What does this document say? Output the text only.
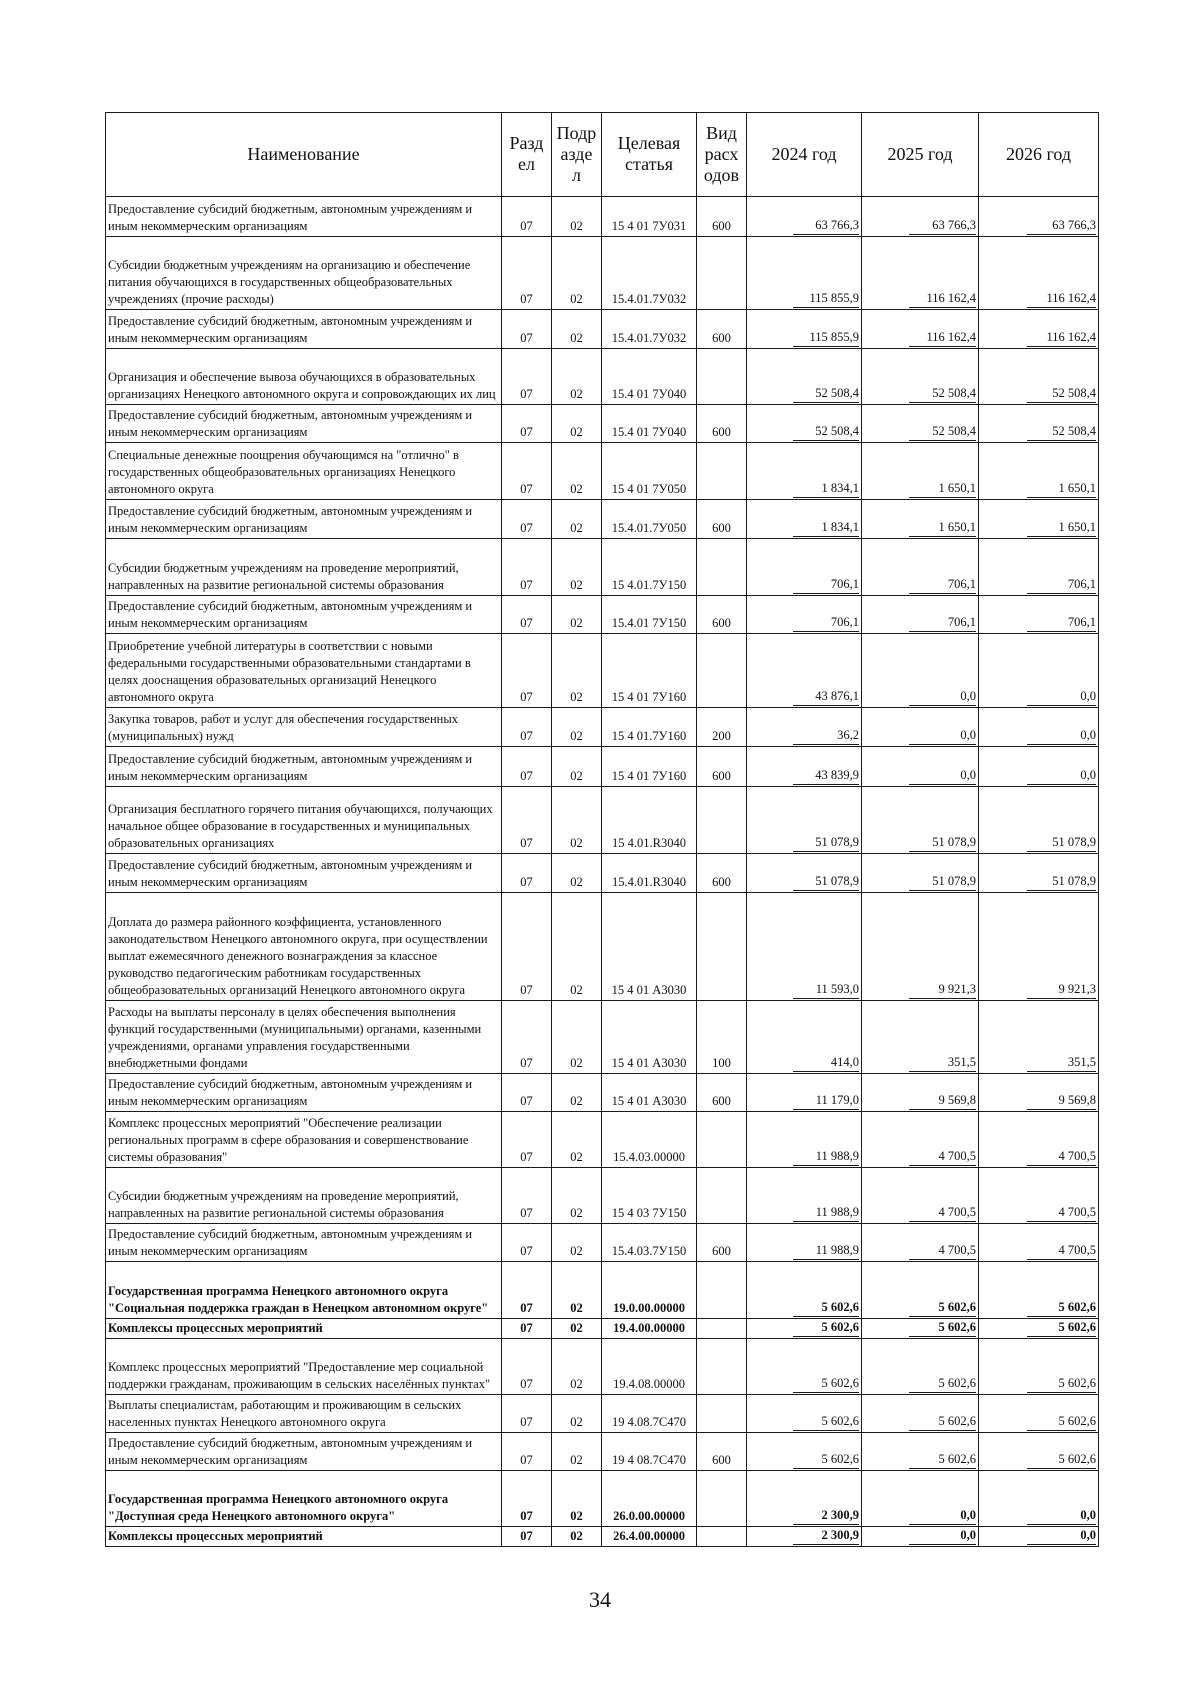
Наименование	Разд ел	Подр азде л	Целевая статья	Вид расх одов	2024 год	2025 год	2026 год
Предоставление субсидий бюджетным, автономным учреждениям и иным некоммерческим организациям	07	02	15 4 01 7У031	600	63 766,3	63 766,3	63 766,3
Субсидии бюджетным учреждениям на организацию и обеспечение питания обучающихся в государственных общеобразовательных учреждениях (прочие расходы)	07	02	15.4.01.7У032		115 855,9	116 162,4	116 162,4
Предоставление субсидий бюджетным, автономным учреждениям и иным некоммерческим организациям	07	02	15.4.01.7У032	600	115 855,9	116 162,4	116 162,4
Организация и обеспечение вывоза обучающихся в образовательных организациях Ненецкого автономного округа и сопровождающих их лиц	07	02	15.4 01 7У040		52 508,4	52 508,4	52 508,4
Предоставление субсидий бюджетным, автономным учреждениям и иным некоммерческим организациям	07	02	15.4 01 7У040	600	52 508,4	52 508,4	52 508,4
Специальные денежные поощрения обучающимся на "отлично" в государственных общеобразовательных организациях Ненецкого автономного округа	07	02	15 4 01 7У050		1 834,1	1 650,1	1 650,1
Предоставление субсидий бюджетным, автономным учреждениям и иным некоммерческим организациям	07	02	15.4.01.7У050	600	1 834,1	1 650,1	1 650,1
Субсидии бюджетным учреждениям на проведение мероприятий, направленных на развитие региональной системы образования	07	02	15 4.01.7У150		706,1	706,1	706,1
Предоставление субсидий бюджетным, автономным учреждениям и иным некоммерческим организациям	07	02	15.4.01 7У150	600	706,1	706,1	706,1
Приобретение учебной литературы в соответствии с новыми федеральными государственными образовательными стандартами в целях дооснащения образовательных организаций Ненецкого автономного округа	07	02	15 4 01 7У160		43 876,1	0,0	0,0
Закупка товаров, работ и услуг для обеспечения государственных (муниципальных) нужд	07	02	15 4 01.7У160	200	36,2	0,0	0,0
Предоставление субсидий бюджетным, автономным учреждениям и иным некоммерческим организациям	07	02	15 4 01 7У160	600	43 839,9	0,0	0,0
Организация бесплатного горячего питания обучающихся, получающих начальное общее образование в государственных и муниципальных образовательных организациях	07	02	15 4.01.R3040		51 078,9	51 078,9	51 078,9
Предоставление субсидий бюджетным, автономным учреждениям и иным некоммерческим организациям	07	02	15.4.01.R3040	600	51 078,9	51 078,9	51 078,9
Доплата до размера районного коэффициента, установленного законодательством Ненецкого автономного округа, при осуществлении выплат ежемесячного денежного вознаграждения за классное руководство педагогическим работникам государственных общеобразовательных организаций Ненецкого автономного округа	07	02	15 4 01 А3030		11 593,0	9 921,3	9 921,3
Расходы на выплаты персоналу в целях обеспечения выполнения функций государственными (муниципальными) органами, казенными учреждениями, органами управления государственными внебюджетными фондами	07	02	15 4 01 А3030	100	414,0	351,5	351,5
Предоставление субсидий бюджетным, автономным учреждениям и иным некоммерческим организациям	07	02	15 4 01 А3030	600	11 179,0	9 569,8	9 569,8
Комплекс процессных мероприятий "Обеспечение реализации региональных программ в сфере образования и совершенствование системы образования"	07	02	15.4.03.00000		11 988,9	4 700,5	4 700,5
Субсидии бюджетным учреждениям на проведение мероприятий, направленных на развитие региональной системы образования	07	02	15 4 03 7У150		11 988,9	4 700,5	4 700,5
Предоставление субсидий бюджетным, автономным учреждениям и иным некоммерческим организациям	07	02	15.4.03.7У150	600	11 988,9	4 700,5	4 700,5
Государственная программа Ненецкого автономного округа "Социальная поддержка граждан в Ненецком автономном округе"	07	02	19.0.00.00000		5 602,6	5 602,6	5 602,6
Комплексы процессных мероприятий	07	02	19.4.00.00000		5 602,6	5 602,6	5 602,6
Комплекс процессных мероприятий "Предоставление мер социальной поддержки гражданам, проживающим в сельских населённых пунктах"	07	02	19.4.08.00000		5 602,6	5 602,6	5 602,6
Выплаты специалистам, работающим и проживающим в сельских населенных пунктах Ненецкого автономного округа	07	02	19 4.08.7С470		5 602,6	5 602,6	5 602,6
Предоставление субсидий бюджетным, автономным учреждениям и иным некоммерческим организациям	07	02	19 4 08.7С470	600	5 602,6	5 602,6	5 602,6
Государственная программа Ненецкого автономного округа "Доступная среда Ненецкого автономного округа"	07	02	26.0.00.00000		2 300,9	0,0	0,0
Комплексы процессных мероприятий	07	02	26.4.00.00000		2 300,9	0,0	0,0
34
